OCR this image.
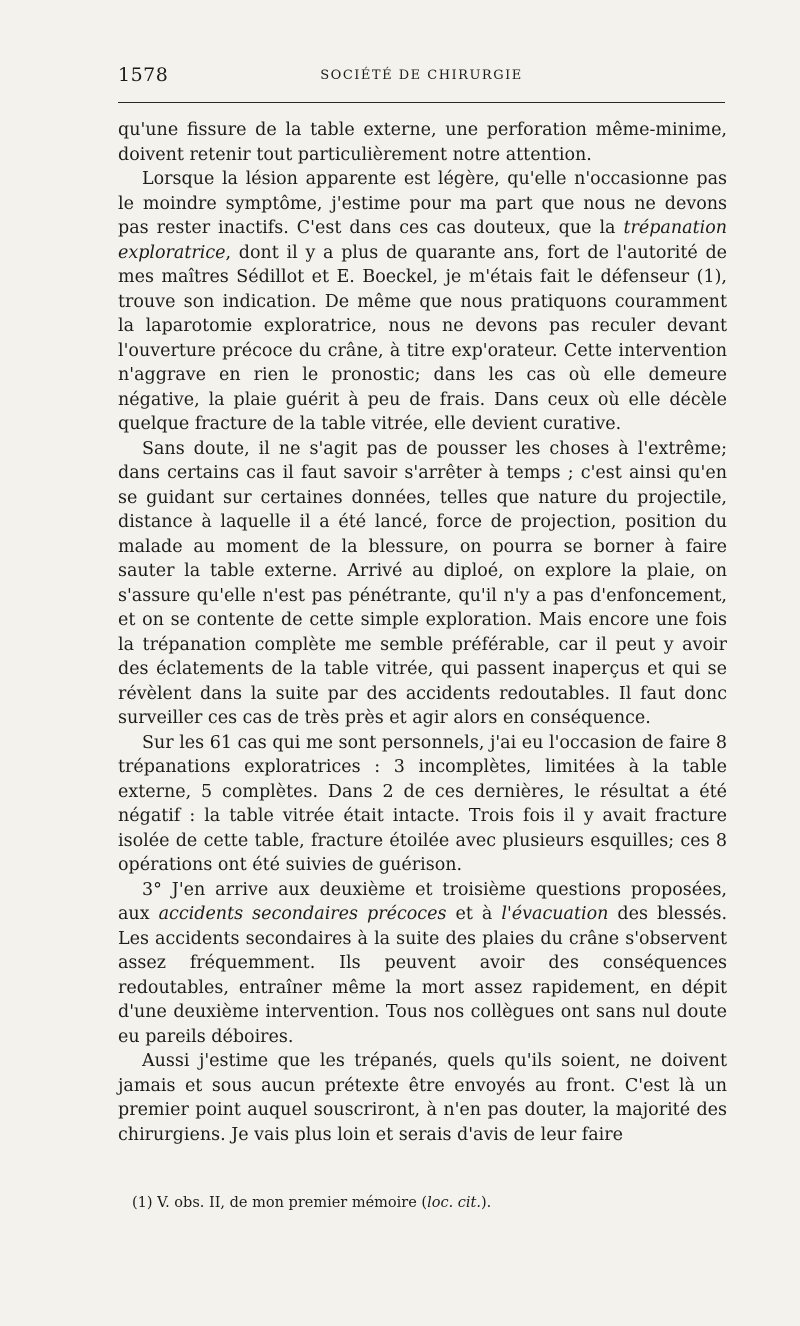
1578	SOCIÉTÉ DE CHIRURGIE

qu'une fissure de la table externe, une perforation même-minime, doivent retenir tout particulièrement notre attention.

Lorsque la lésion apparente est légère, qu'elle n'occasionne pas le moindre symptôme, j'estime pour ma part que nous ne devons pas rester inactifs. C'est dans ces cas douteux, que la trépanation exploratrice, dont il y a plus de quarante ans, fort de l'autorité de mes maîtres Sédillot et E. Boeckel, je m'étais fait le défenseur (1), trouve son indication. De même que nous pratiquons couramment la laparotomie exploratrice, nous ne devons pas reculer devant l'ouverture précoce du crâne, à titre exp'orateur. Cette intervention n'aggrave en rien le pronostic; dans les cas où elle demeure négative, la plaie guérit à peu de frais. Dans ceux où elle décèle quelque fracture de la table vitrée, elle devient curative.

Sans doute, il ne s'agit pas de pousser les choses à l'extrême; dans certains cas il faut savoir s'arrêter à temps ; c'est ainsi qu'en se guidant sur certaines données, telles que nature du projectile, distance à laquelle il a été lancé, force de projection, position du malade au moment de la blessure, on pourra se borner à faire sauter la table externe. Arrivé au diploé, on explore la plaie, on s'assure qu'elle n'est pas pénétrante, qu'il n'y a pas d'enfoncement, et on se contente de cette simple exploration. Mais encore une fois la trépanation complète me semble préférable, car il peut y avoir des éclatements de la table vitrée, qui passent inaperçus et qui se révèlent dans la suite par des accidents redoutables. Il faut donc surveiller ces cas de très près et agir alors en conséquence.

Sur les 61 cas qui me sont personnels, j'ai eu l'occasion de faire 8 trépanations exploratrices : 3 incomplètes, limitées à la table externe, 5 complètes. Dans 2 de ces dernières, le résultat a été négatif : la table vitrée était intacte. Trois fois il y avait fracture isolée de cette table, fracture étoilée avec plusieurs esquilles; ces 8 opérations ont été suivies de guérison.

3° J'en arrive aux deuxième et troisième questions proposées, aux accidents secondaires précoces et à l'évacuation des blessés. Les accidents secondaires à la suite des plaies du crâne s'observent assez fréquemment. Ils peuvent avoir des conséquences redoutables, entraîner même la mort assez rapidement, en dépit d'une deuxième intervention. Tous nos collègues ont sans nul doute eu pareils déboires.

Aussi j'estime que les trépanés, quels qu'ils soient, ne doivent jamais et sous aucun prétexte être envoyés au front. C'est là un premier point auquel souscriront, à n'en pas douter, la majorité des chirurgiens. Je vais plus loin et serais d'avis de leur faire

(1) V. obs. II, de mon premier mémoire (loc. cit.).
